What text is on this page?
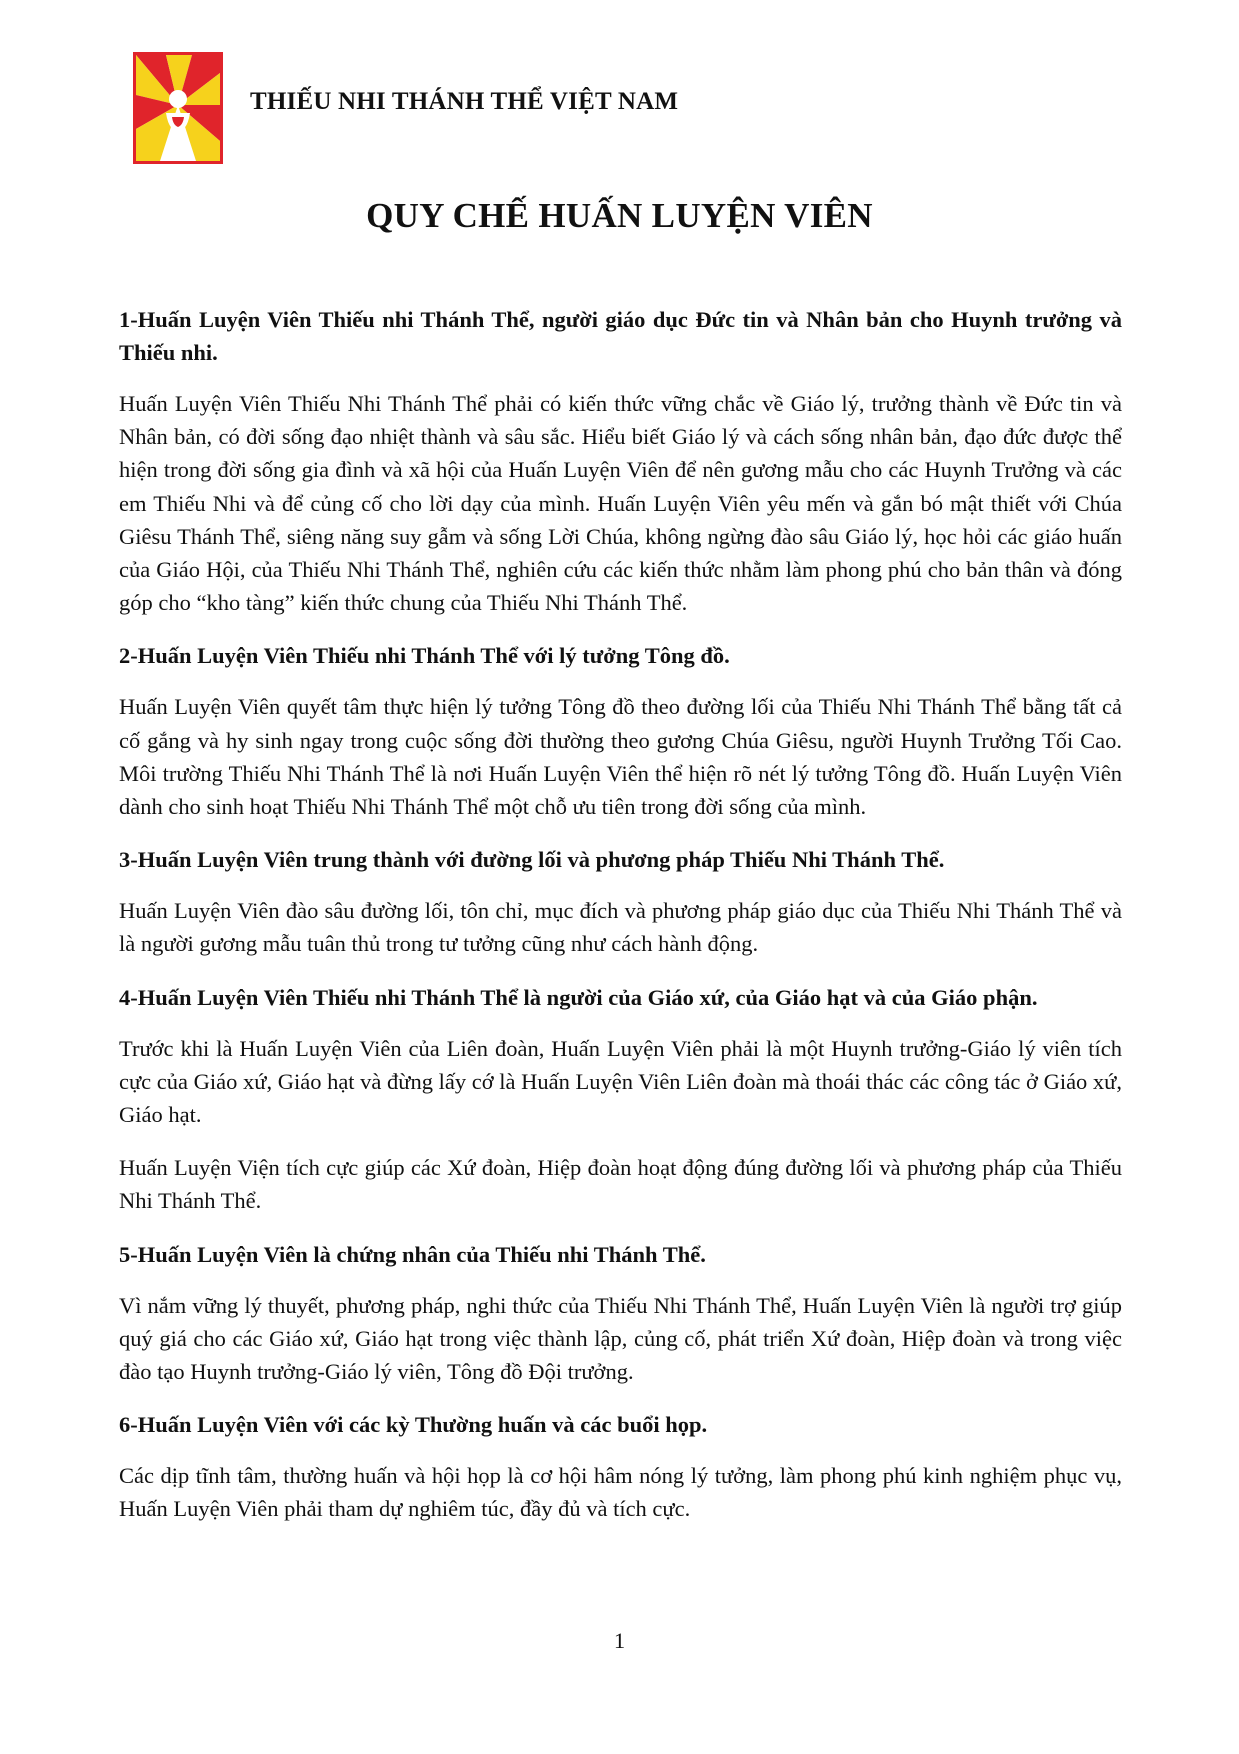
THIẾU NHI THÁNH THỂ VIỆT NAM
QUY CHẾ HUẤN LUYỆN VIÊN
1-Huấn Luyện Viên Thiếu nhi Thánh Thể, người giáo dục Đức tin và Nhân bản cho Huynh trưởng và Thiếu nhi.
Huấn Luyện Viên Thiếu Nhi Thánh Thể phải có kiến thức vững chắc về Giáo lý, trưởng thành về Đức tin và Nhân bản, có đời sống đạo nhiệt thành và sâu sắc. Hiểu biết Giáo lý và cách sống nhân bản, đạo đức được thể hiện trong đời sống gia đình và xã hội của Huấn Luyện Viên để nên gương mẫu cho các Huynh Trưởng và các em Thiếu Nhi và để củng cố cho lời dạy của mình. Huấn Luyện Viên yêu mến và gắn bó mật thiết với Chúa Giêsu Thánh Thể, siêng năng suy gẫm và sống Lời Chúa, không ngừng đào sâu Giáo lý, học hỏi các giáo huấn của Giáo Hội, của Thiếu Nhi Thánh Thể, nghiên cứu các kiến thức nhằm làm phong phú cho bản thân và đóng góp cho “kho tàng” kiến thức chung của Thiếu Nhi Thánh Thể.
2-Huấn Luyện Viên Thiếu nhi Thánh Thể với lý tưởng Tông đồ.
Huấn Luyện Viên quyết tâm thực hiện lý tưởng Tông đồ theo đường lối của Thiếu Nhi Thánh Thể bằng tất cả cố gắng và hy sinh ngay trong cuộc sống đời thường theo gương Chúa Giêsu, người Huynh Trưởng Tối Cao. Môi trường Thiếu Nhi Thánh Thể là nơi Huấn Luyện Viên thể hiện rõ nét lý tưởng Tông đồ. Huấn Luyện Viên dành cho sinh hoạt Thiếu Nhi Thánh Thể một chỗ ưu tiên trong đời sống của mình.
3-Huấn Luyện Viên trung thành với đường lối và phương pháp Thiếu Nhi Thánh Thể.
Huấn Luyện Viên đào sâu đường lối, tôn chỉ, mục đích và phương pháp giáo dục của Thiếu Nhi Thánh Thể và là người gương mẫu tuân thủ trong tư tưởng cũng như cách hành động.
4-Huấn Luyện Viên Thiếu nhi Thánh Thể là người của Giáo xứ, của Giáo hạt và của Giáo phận.
Trước khi là Huấn Luyện Viên của Liên đoàn, Huấn Luyện Viên phải là một Huynh trưởng-Giáo lý viên tích cực của Giáo xứ, Giáo hạt và đừng lấy cớ là Huấn Luyện Viên Liên đoàn mà thoái thác các công tác ở Giáo xứ, Giáo hạt.
Huấn Luyện Viện tích cực giúp các Xứ đoàn, Hiệp đoàn hoạt động đúng đường lối và phương pháp của Thiếu Nhi Thánh Thể.
5-Huấn Luyện Viên là chứng nhân của Thiếu nhi Thánh Thể.
Vì nắm vững lý thuyết, phương pháp, nghi thức của Thiếu Nhi Thánh Thể, Huấn Luyện Viên là người trợ giúp quý giá cho các Giáo xứ, Giáo hạt trong việc thành lập, củng cố, phát triển Xứ đoàn, Hiệp đoàn và trong việc đào tạo Huynh trưởng-Giáo lý viên, Tông đồ Đội trưởng.
6-Huấn Luyện Viên với các kỳ Thường huấn và các buổi họp.
Các dịp tĩnh tâm, thường huấn và hội họp là cơ hội hâm nóng lý tưởng, làm phong phú kinh nghiệm phục vụ, Huấn Luyện Viên phải tham dự nghiêm túc, đầy đủ và tích cực.
1
